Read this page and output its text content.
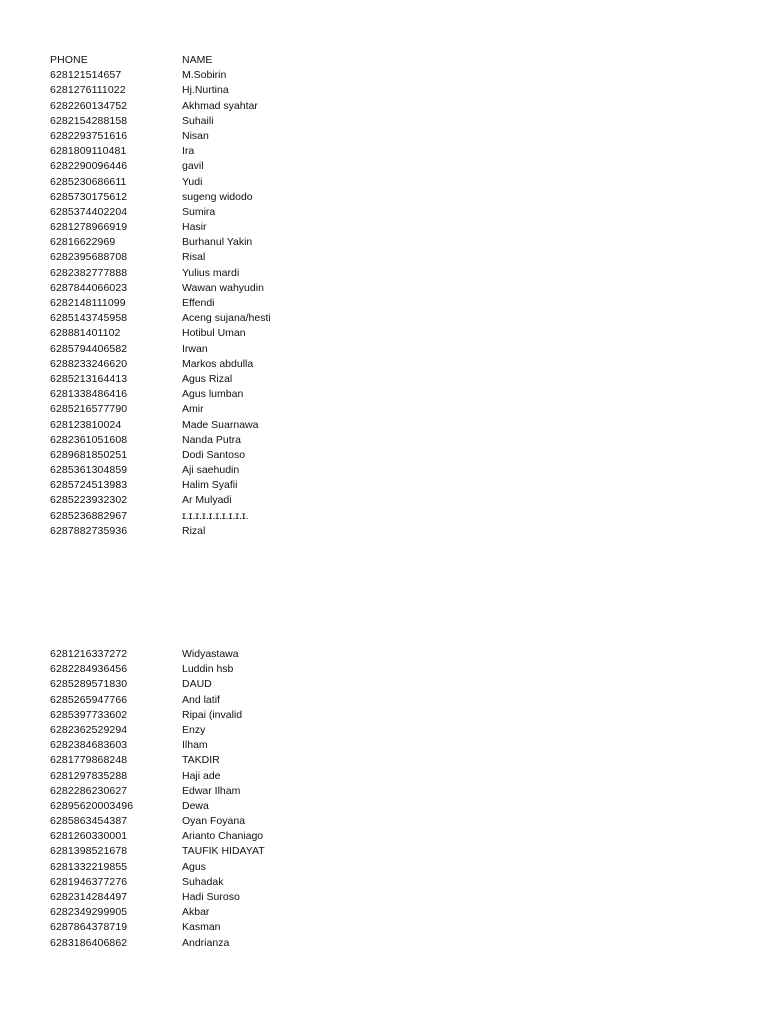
PHONE	NAME
628121514657	M.Sobirin
6281276111022	Hj.Nurtina
6282260134752	Akhmad syahtar
6282154288158	Suhaili
6282293751616	Nisan
6281809110481	Ira
6282290096446	gavil
6285230686611	Yudi
6285730175612	sugeng widodo
6285374402204	Sumira
6281278966919	Hasir
62816622969	Burhanul Yakin
6282395688708	Risal
6282382777888	Yulius mardi
6287844066023	Wawan wahyudin
6282148111099	Effendi
6285143745958	Aceng sujana/hesti
628881401102	Hotibul Uman
6285794406582	Irwan
6288233246620	Markos abdulla
6285213164413	Agus Rizal
6281338486416	Agus lumban
6285216577790	Amir
628123810024	Made Suarnawa
6282361051608	Nanda Putra
6289681850251	Dodi Santoso
6285361304859	Aji saehudin
6285724513983	Halim Syafii
6285223932302	Ar Mulyadi
6285236882967	ɪ.ɪ.ɪ.ɪ.ɪ.ɪ.ɪ.ɪ.ɪ.ɪ.
6287882735936	Rizal
6281216337272	Widyastawa
6282284936456	Luddin hsb
6285289571830	DAUD
6285265947766	And latif
6285397733602	Ripai (invalid
6282362529294	Enzy
6282384683603	Ilham
6281779868248	TAKDIR
6281297835288	Haji ade
6282286230627	Edwar Ilham
62895620003496	Dewa
6285863454387	Oyan Foyana
6281260330001	Arianto Chaniago
6281398521678	TAUFIK HIDAYAT
6281332219855	Agus
6281946377276	Suhadak
6282314284497	Hadi Suroso
6282349299905	Akbar
6287864378719	Kasman
6283186406862	Andrianza
